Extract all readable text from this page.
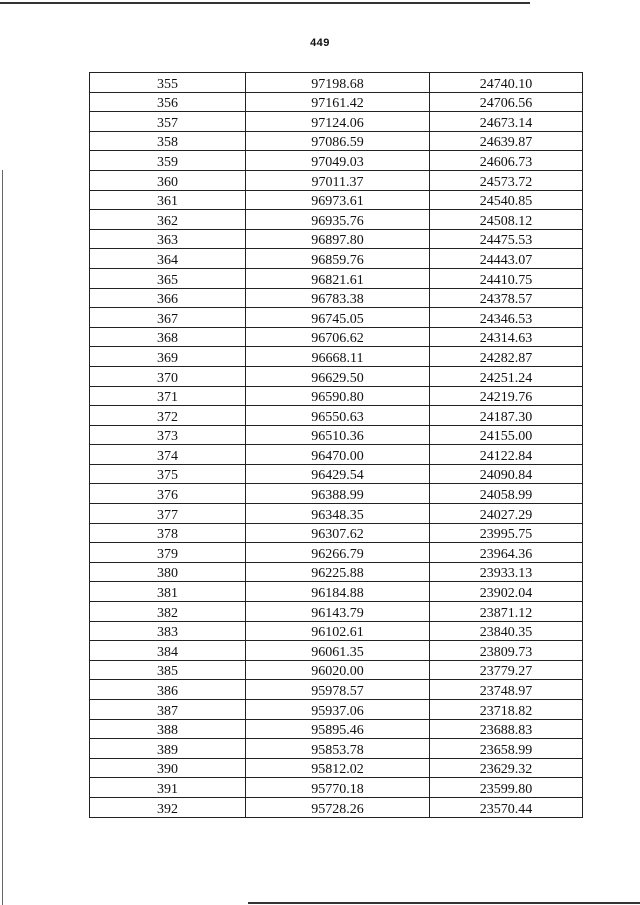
449
355	97198.68	24740.10
356	97161.42	24706.56
357	97124.06	24673.14
358	97086.59	24639.87
359	97049.03	24606.73
360	97011.37	24573.72
361	96973.61	24540.85
362	96935.76	24508.12
363	96897.80	24475.53
364	96859.76	24443.07
365	96821.61	24410.75
366	96783.38	24378.57
367	96745.05	24346.53
368	96706.62	24314.63
369	96668.11	24282.87
370	96629.50	24251.24
371	96590.80	24219.76
372	96550.63	24187.30
373	96510.36	24155.00
374	96470.00	24122.84
375	96429.54	24090.84
376	96388.99	24058.99
377	96348.35	24027.29
378	96307.62	23995.75
379	96266.79	23964.36
380	96225.88	23933.13
381	96184.88	23902.04
382	96143.79	23871.12
383	96102.61	23840.35
384	96061.35	23809.73
385	96020.00	23779.27
386	95978.57	23748.97
387	95937.06	23718.82
388	95895.46	23688.83
389	95853.78	23658.99
390	95812.02	23629.32
391	95770.18	23599.80
392	95728.26	23570.44
